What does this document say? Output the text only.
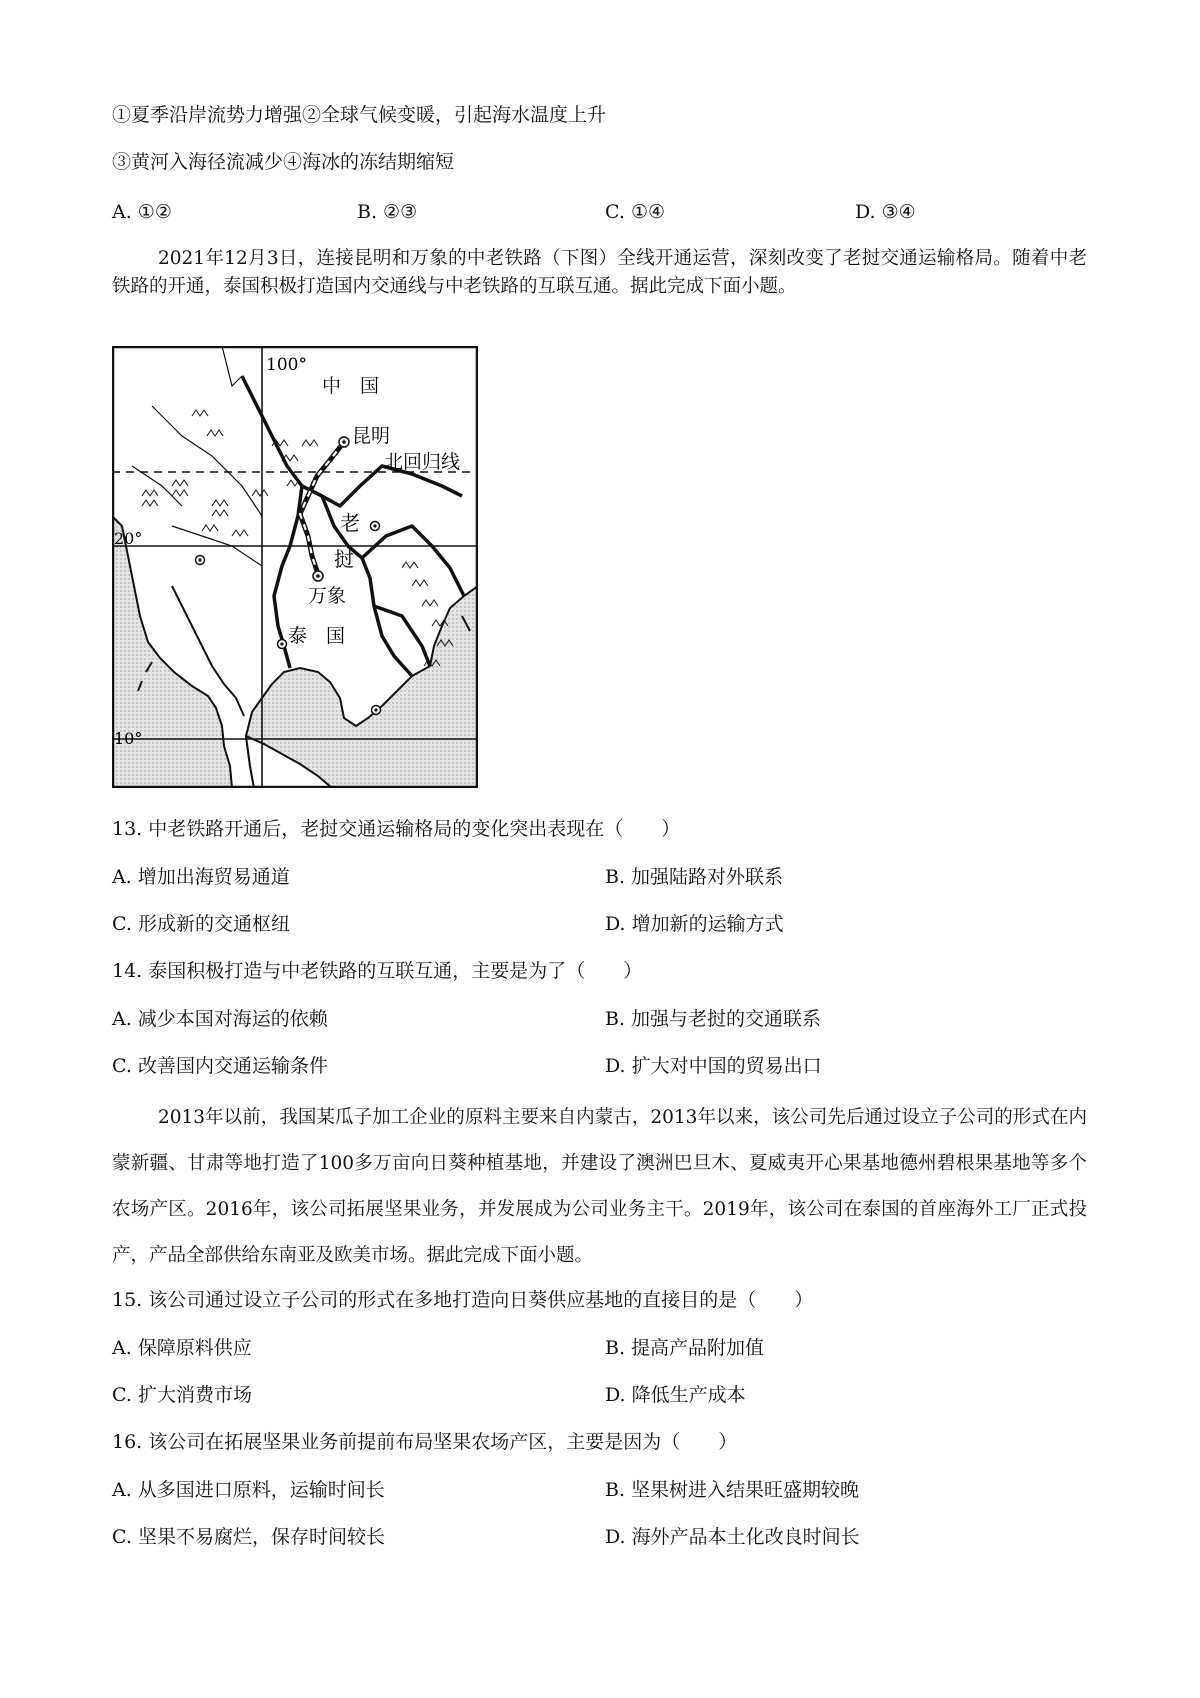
①夏季沿岸流势力增强②全球气候变暖，引起海水温度上升
③黄河入海径流减少④海冰的冻结期缩短
A. ①②	B. ②③	C. ①④	D. ③④

2021年12月3日，连接昆明和万象的中老铁路（下图）全线开通运营，深刻改变了老挝交通运输格局。随着中老铁路的开通，泰国积极打造国内交通线与中老铁路的互联互通。据此完成下面小题。

100°
中　国
昆明
北回归线
20°
老
挝
万象
泰　国
10°
13. 中老铁路开通后，老挝交通运输格局的变化突出表现在（　　）
A. 增加出海贸易通道	B. 加强陆路对外联系
C. 形成新的交通枢纽	D. 增加新的运输方式
14. 泰国积极打造与中老铁路的互联互通，主要是为了（　　）
A. 减少本国对海运的依赖	B. 加强与老挝的交通联系
C. 改善国内交通运输条件	D. 扩大对中国的贸易出口

2013年以前，我国某瓜子加工企业的原料主要来自内蒙古，2013年以来，该公司先后通过设立子公司的形式在内蒙新疆、甘肃等地打造了100多万亩向日葵种植基地，并建设了澳洲巴旦木、夏威夷开心果基地德州碧根果基地等多个农场产区。2016年，该公司拓展坚果业务，并发展成为公司业务主干。2019年，该公司在泰国的首座海外工厂正式投产，产品全部供给东南亚及欧美市场。据此完成下面小题。

15. 该公司通过设立子公司的形式在多地打造向日葵供应基地的直接目的是（　　）
A. 保障原料供应	B. 提高产品附加值
C. 扩大消费市场	D. 降低生产成本
16. 该公司在拓展坚果业务前提前布局坚果农场产区，主要是因为（　　）
A. 从多国进口原料，运输时间长	B. 坚果树进入结果旺盛期较晚
C. 坚果不易腐烂，保存时间较长	D. 海外产品本土化改良时间长
